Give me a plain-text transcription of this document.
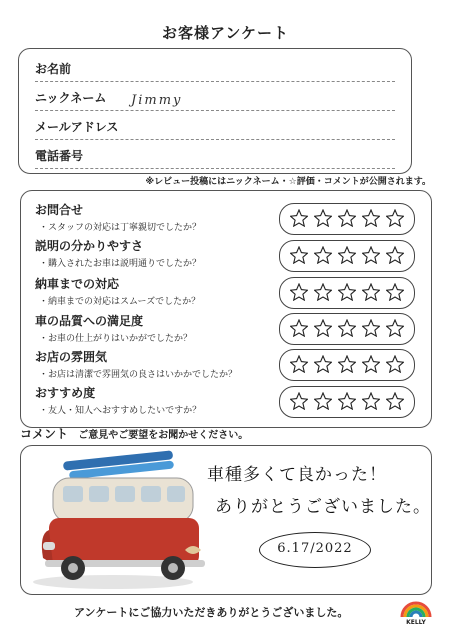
お客様アンケート
お名前
ニックネーム Jimmy
メールアドレス
電話番号
※レビュー投稿にはニックネーム・☆評価・コメントが公開されます。
お問合せ
・スタッフの対応は丁寧親切でしたか？
説明の分かりやすさ
・購入されたお車は説明通りでしたか？
納車までの対応
・納車までの対応はスムーズでしたか？
車の品質への満足度
・お車の仕上がりはいかがでしたか？
お店の雰囲気
・お店は清潔で雰囲気の良さはいかかでしたか？
おすすめ度
・友人・知人へおすすめしたいですか？
コメント ご意見やご要望をお聞かせください。
車種多くて良かった！
ありがとうございました。
6.17/2022
アンケートにご協力いただきありがとうございました。
KELLY
